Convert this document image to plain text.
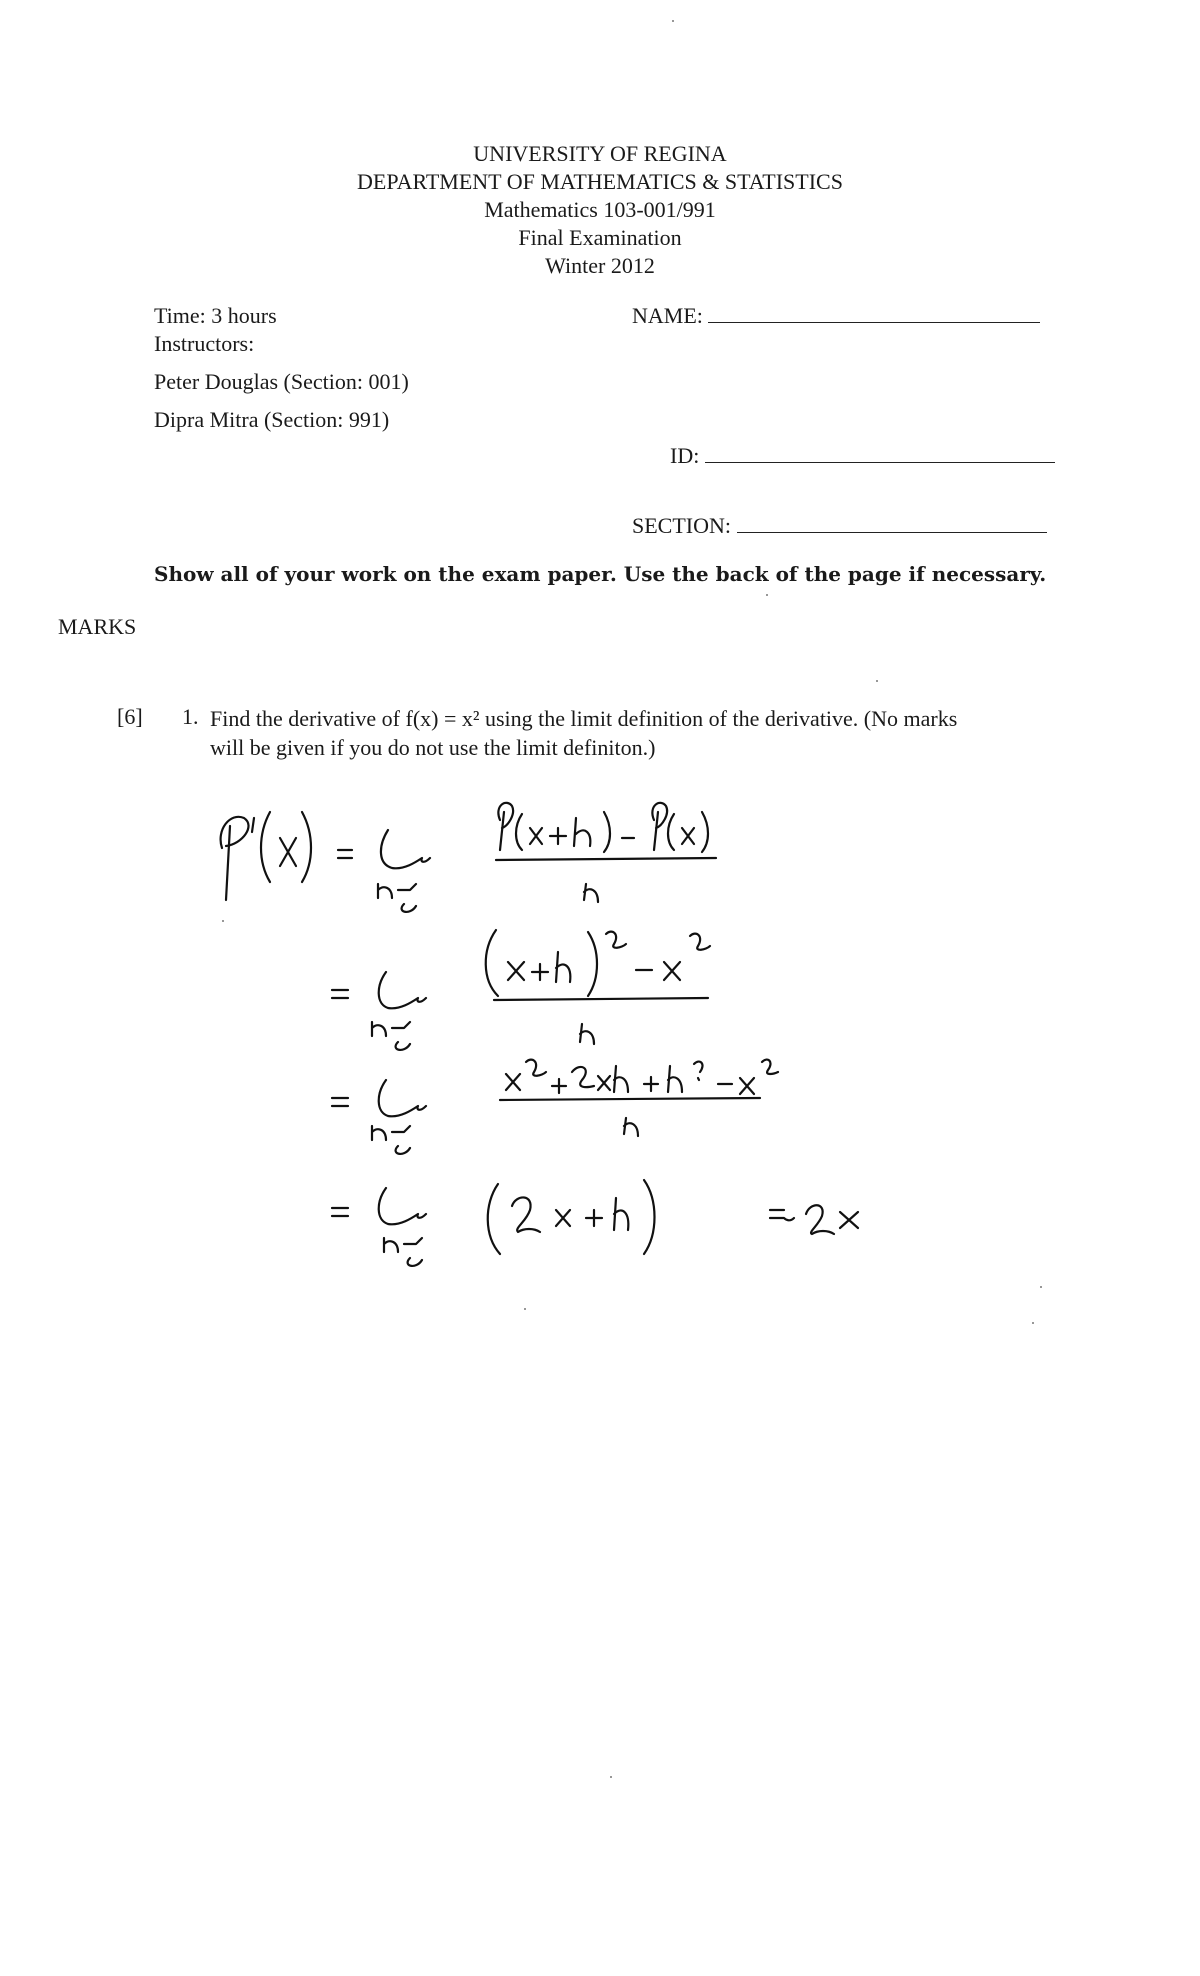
UNIVERSITY OF REGINA
DEPARTMENT OF MATHEMATICS & STATISTICS
Mathematics 103-001/991
Final Examination
Winter 2012
Time: 3 hours
Instructors:
Peter Douglas (Section: 001)
Dipra Mitra (Section: 991)
NAME:
ID:
SECTION:
Show all of your work on the exam paper. Use the back of the page if necessary.
MARKS
[6] 1. Find the derivative of f(x) = x² using the limit definition of the derivative. (No marks
will be given if you do not use the limit definiton.)
